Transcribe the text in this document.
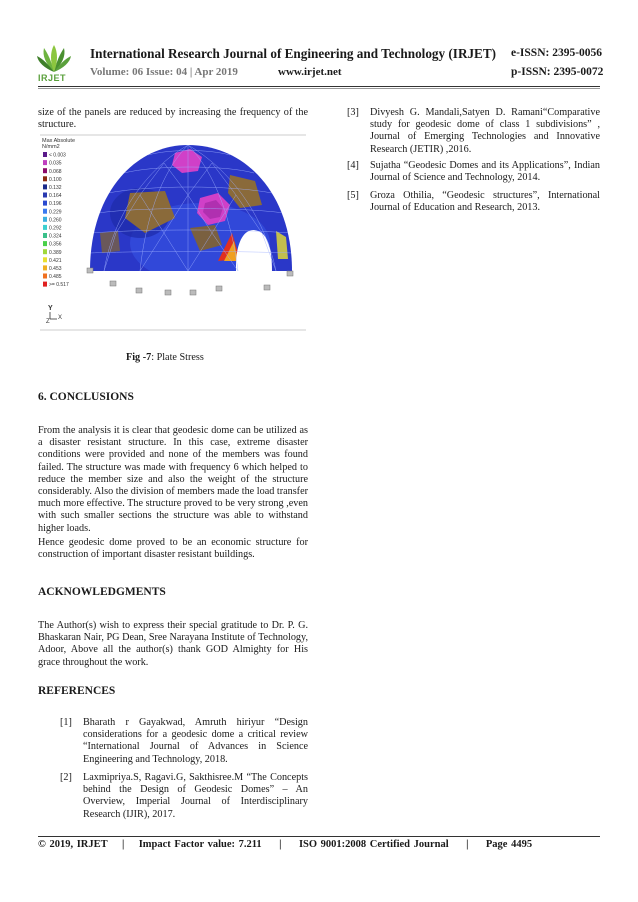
IRJET
International Research Journal of Engineering and Technology (IRJET) e-ISSN: 2395-0056
Volume: 06 Issue: 04 | Apr 2019	www.irjet.net	p-ISSN: 2395-0072
size of the panels are reduced by increasing the frequency of the structure.
Max Absolute
N/mm2
< 0.003
0.035
0.068
0.100
0.132
0.164
0.196
0.229
0.260
0.292
0.324
0.356
0.389
0.421
0.453
0.485
>= 0.517
Y
Z
X
Fig -7: Plate Stress
6. CONCLUSIONS
From the analysis it is clear that geodesic dome can be utilized as a disaster resistant structure. In this case, extreme disaster conditions were provided and none of the members was found failed. The structure was made with frequency 6 which helped to reduce the member size and also the weight of the structure considerably. Also the division of members made the load transfer much more effective. The structure proved to be very strong ,even with such smaller sections the structure was able to withstand higher loads.
Hence geodesic dome proved to be an economic structure for construction of important disaster resistant buildings.
ACKNOWLEDGMENTS
The Author(s) wish to express their special gratitude to Dr. P. G. Bhaskaran Nair, PG Dean, Sree Narayana Institute of Technology, Adoor, Above all the author(s) thank GOD Almighty for His grace throughout the work.
REFERENCES
[1] Bharath r Gayakwad, Amruth hiriyur “Design considerations for a geodesic dome a critical review “International Journal of Advances in Science Engineering and Technology, 2018.
[2] Laxmipriya.S, Ragavi.G, Sakthisree.M “The Concepts behind the Design of Geodesic Domes” – An Overview, Imperial Journal of Interdisciplinary Research (IJIR), 2017.
[3] Divyesh G. Mandali,Satyen D. Ramani“Comparative study for geodesic dome of class 1 subdivisions” , Journal of Emerging Technologies and Innovative Research (JETIR) ,2016.
[4] Sujatha “Geodesic Domes and its Applications”, Indian Journal of Science and Technology, 2014.
[5] Groza Othilia, “Geodesic structures”, International Journal of Education and Research, 2013.
© 2019, IRJET | Impact Factor value: 7.211 | ISO 9001:2008 Certified Journal | Page 4495
